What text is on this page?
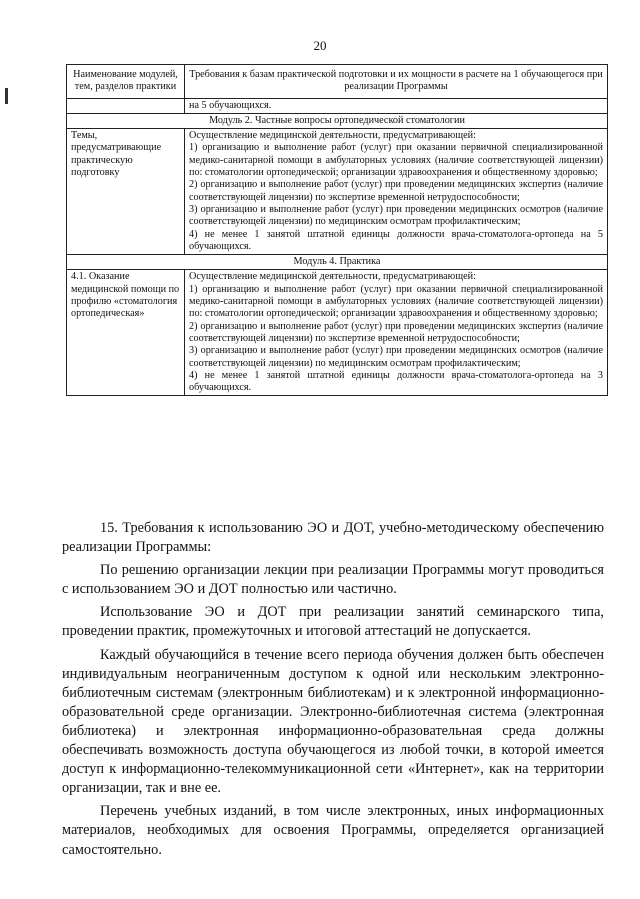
20
Наименование модулей, тем, разделов практики	Требования к базам практической подготовки и их мощности в расчете на 1 обучающегося при реализации Программы
	на 5 обучающихся.
Модуль 2. Частные вопросы ортопедической стоматологии	
Темы, предусматривающие практическую подготовку	Осуществление медицинской деятельности, предусматривающей:
1) организацию и выполнение работ (услуг) при оказании первичной специализированной медико-санитарной помощи в амбулаторных условиях (наличие соответствующей лицензии) по: стоматологии ортопедической; организации здравоохранения и общественному здоровью;
2) организацию и выполнение работ (услуг) при проведении медицинских экспертиз (наличие соответствующей лицензии) по экспертизе временной нетрудоспособности;
3) организацию и выполнение работ (услуг) при проведении медицинских осмотров (наличие соответствующей лицензии) по медицинским осмотрам профилактическим;
4) не менее 1 занятой штатной единицы должности врача-стоматолога-ортопеда на 5 обучающихся.

Модуль 4. Практика	
4.1. Оказание медицинской помощи по профилю «стоматология ортопедическая»	Осуществление медицинской деятельности, предусматривающей:
1) организацию и выполнение работ (услуг) при оказании первичной специализированной медико-санитарной помощи в амбулаторных условиях (наличие соответствующей лицензии) по: стоматологии ортопедической; организации здравоохранения и общественному здоровью;
2) организацию и выполнение работ (услуг) при проведении медицинских экспертиз (наличие соответствующей лицензии) по экспертизе временной нетрудоспособности;
3) организацию и выполнение работ (услуг) при проведении медицинских осмотров (наличие соответствующей лицензии) по медицинским осмотрам профилактическим;
4) не менее 1 занятой штатной единицы должности врача-стоматолога-ортопеда на 3 обучающихся.

15. Требования к использованию ЭО и ДОТ, учебно-методическому обеспечению реализации Программы:

По решению организации лекции при реализации Программы могут проводиться с использованием ЭО и ДОТ полностью или частично.

Использование ЭО и ДОТ при реализации занятий семинарского типа, проведении практик, промежуточных и итоговой аттестаций не допускается.

Каждый обучающийся в течение всего периода обучения должен быть обеспечен индивидуальным неограниченным доступом к одной или нескольким электронно-библиотечным системам (электронным библиотекам) и к электронной информационно-образовательной среде организации. Электронно-библиотечная система (электронная библиотека) и электронная информационно-образовательная среда должны обеспечивать возможность доступа обучающегося из любой точки, в которой имеется доступ к информационно-телекоммуникационной сети «Интернет», как на территории организации, так и вне ее.

Перечень учебных изданий, в том числе электронных, иных информационных материалов, необходимых для освоения Программы, определяется организацией самостоятельно.
